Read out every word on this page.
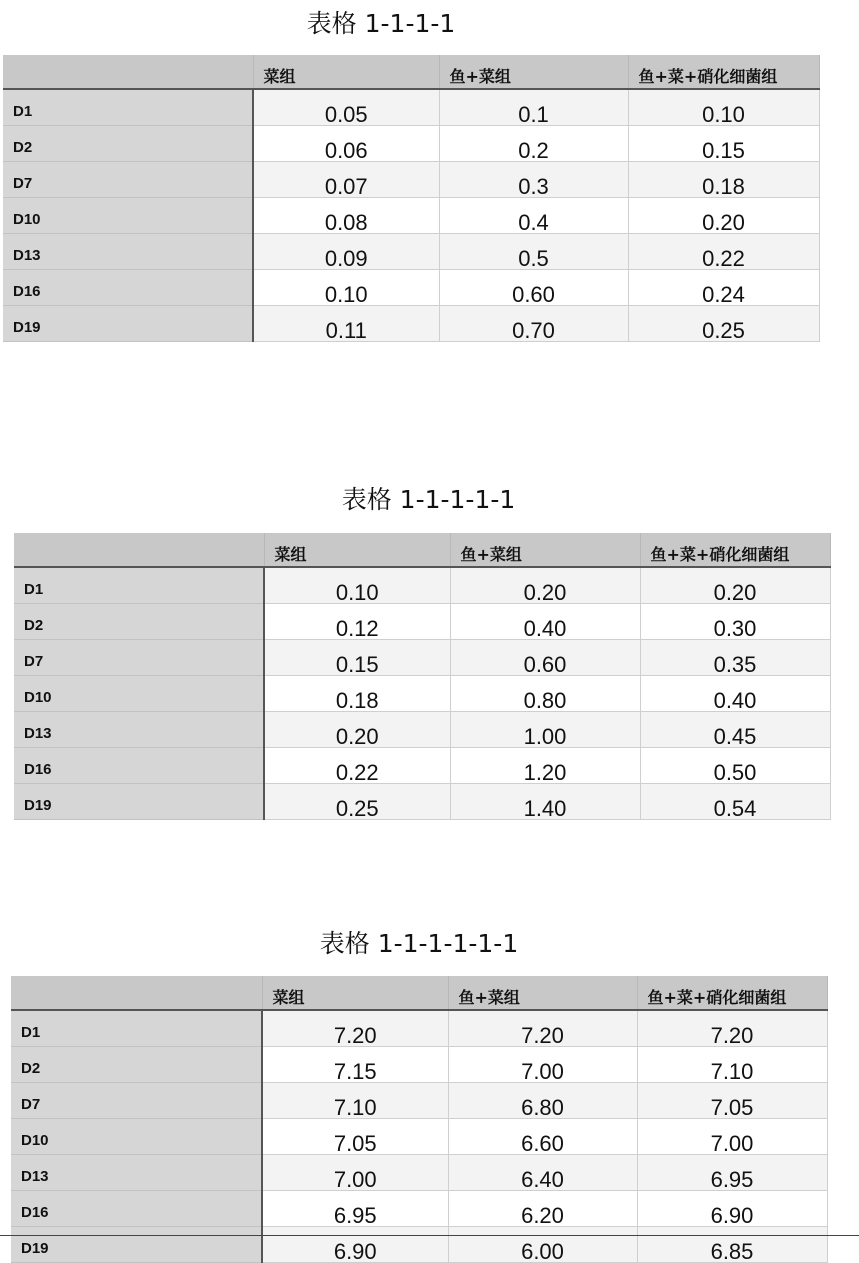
表格 1-1-1-1
	菜组	鱼+菜组	鱼+菜+硝化细菌组
D1	0.05	0.1	0.10
D2	0.06	0.2	0.15
D7	0.07	0.3	0.18
D10	0.08	0.4	0.20
D13	0.09	0.5	0.22
D16	0.10	0.60	0.24
D19	0.11	0.70	0.25
表格 1-1-1-1-1
	菜组	鱼+菜组	鱼+菜+硝化细菌组
D1	0.10	0.20	0.20
D2	0.12	0.40	0.30
D7	0.15	0.60	0.35
D10	0.18	0.80	0.40
D13	0.20	1.00	0.45
D16	0.22	1.20	0.50
D19	0.25	1.40	0.54
表格 1-1-1-1-1-1
	菜组	鱼+菜组	鱼+菜+硝化细菌组
D1	7.20	7.20	7.20
D2	7.15	7.00	7.10
D7	7.10	6.80	7.05
D10	7.05	6.60	7.00
D13	7.00	6.40	6.95
D16	6.95	6.20	6.90
D19	6.90	6.00	6.85
